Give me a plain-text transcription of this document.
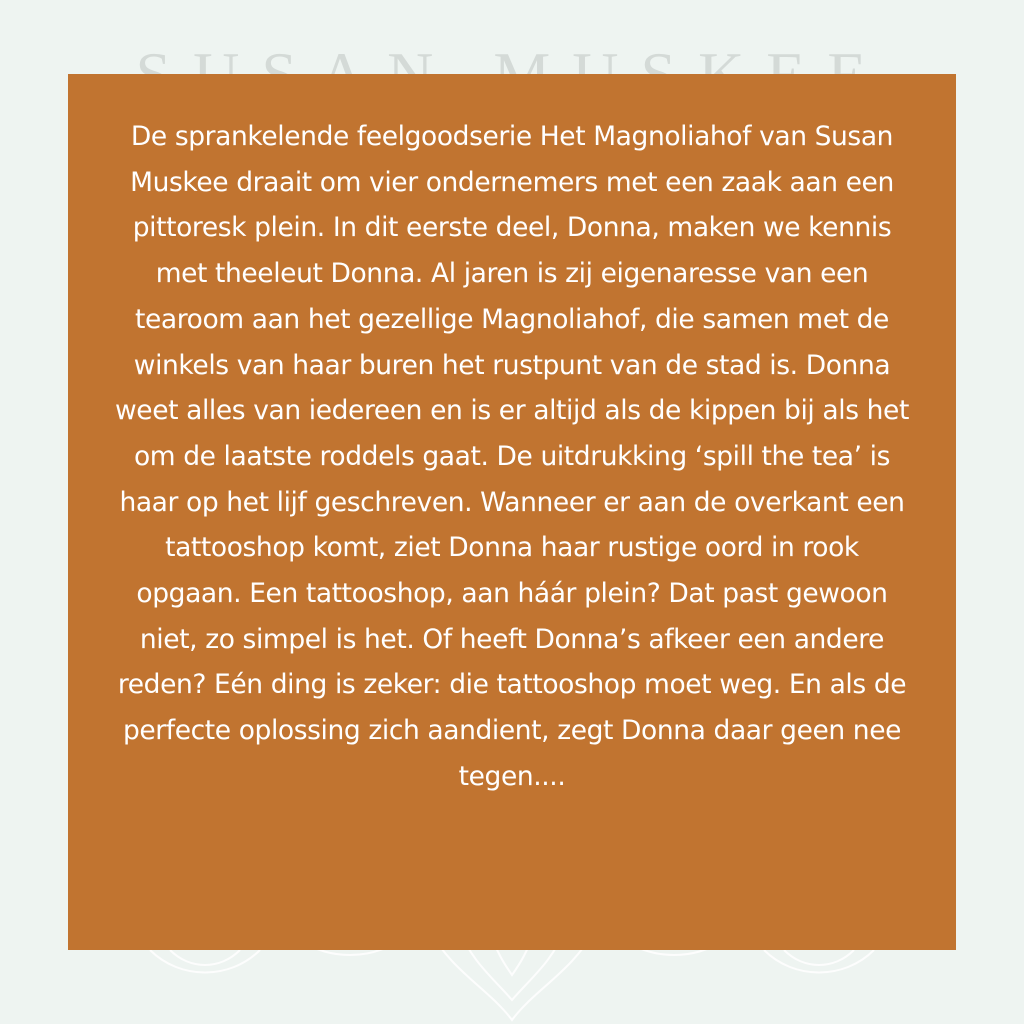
De sprankelende feelgoodserie Het Magnoliahof van Susan Muskee draait om vier ondernemers met een zaak aan een pittoresk plein. In dit eerste deel, Donna, maken we kennis met theeleut Donna. Al jaren is zij eigenaresse van een tearoom aan het gezellige Magnoliahof, die samen met de winkels van haar buren het rustpunt van de stad is. Donna weet alles van iedereen en is er altijd als de kippen bij als het om de laatste roddels gaat. De uitdrukking ‘spill the tea’ is haar op het lijf geschreven. Wanneer er aan de overkant een tattooshop komt, ziet Donna haar rustige oord in rook opgaan. Een tattooshop, aan háár plein? Dat past gewoon niet, zo simpel is het. Of heeft Donna’s afkeer een andere reden? Eén ding is zeker: die tattooshop moet weg. En als de perfecte oplossing zich aandient, zegt Donna daar geen nee tegen....
